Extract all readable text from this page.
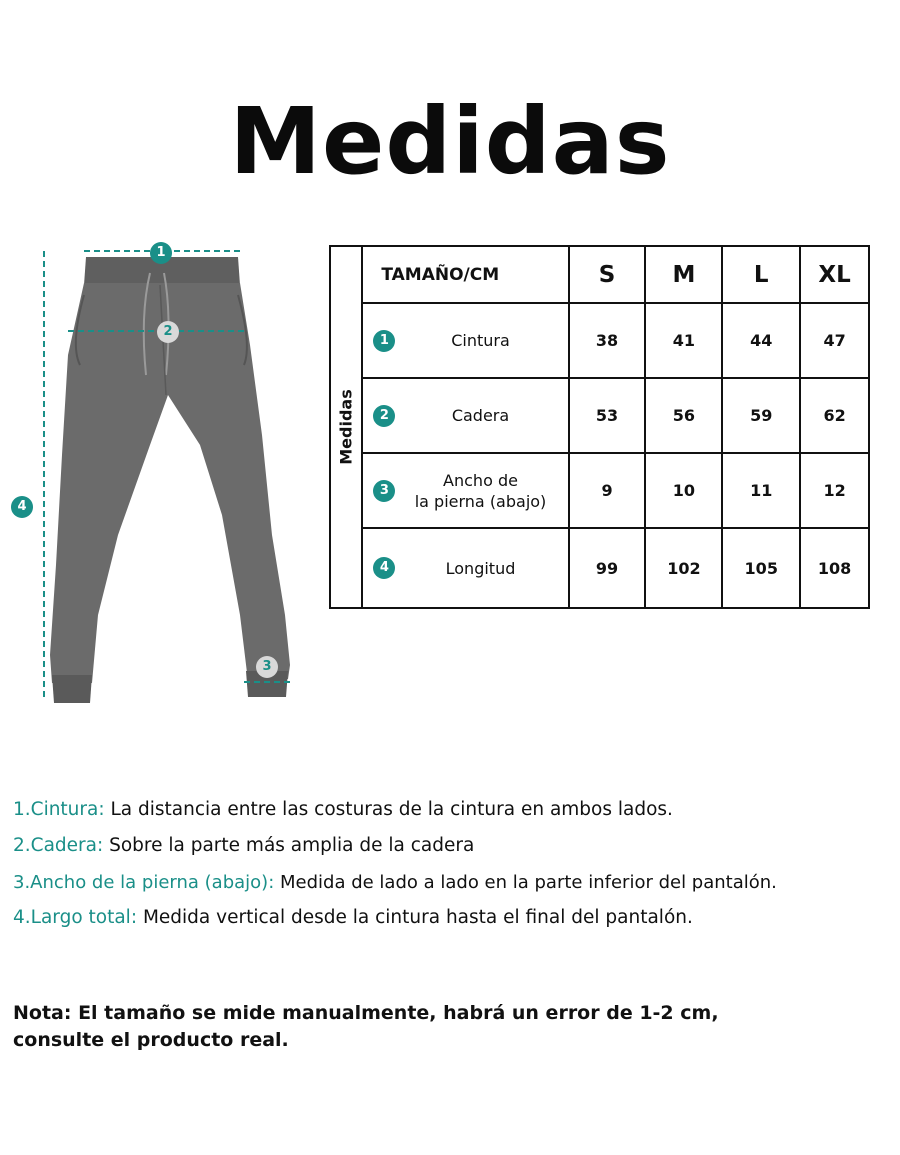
Medidas
1
2
3
4
Medidas	TAMAÑO/CM	S	M	L	XL

	1 Cintura	38	41	44	47

	2 Cadera	53	56	59	62

	3
Ancho de
la pierna (abajo)	9	10	11	12

	4 Longitud	99	102	105	108
1.Cintura: La distancia entre las costuras de la cintura en ambos lados.
2.Cadera: Sobre la parte más amplia de la cadera
3.Ancho de la pierna (abajo): Medida de lado a lado en la parte inferior del pantalón.
4.Largo total: Medida vertical desde la cintura hasta el final del pantalón.
Nota: El tamaño se mide manualmente, habrá un error de 1-2 cm,
consulte el producto real.
